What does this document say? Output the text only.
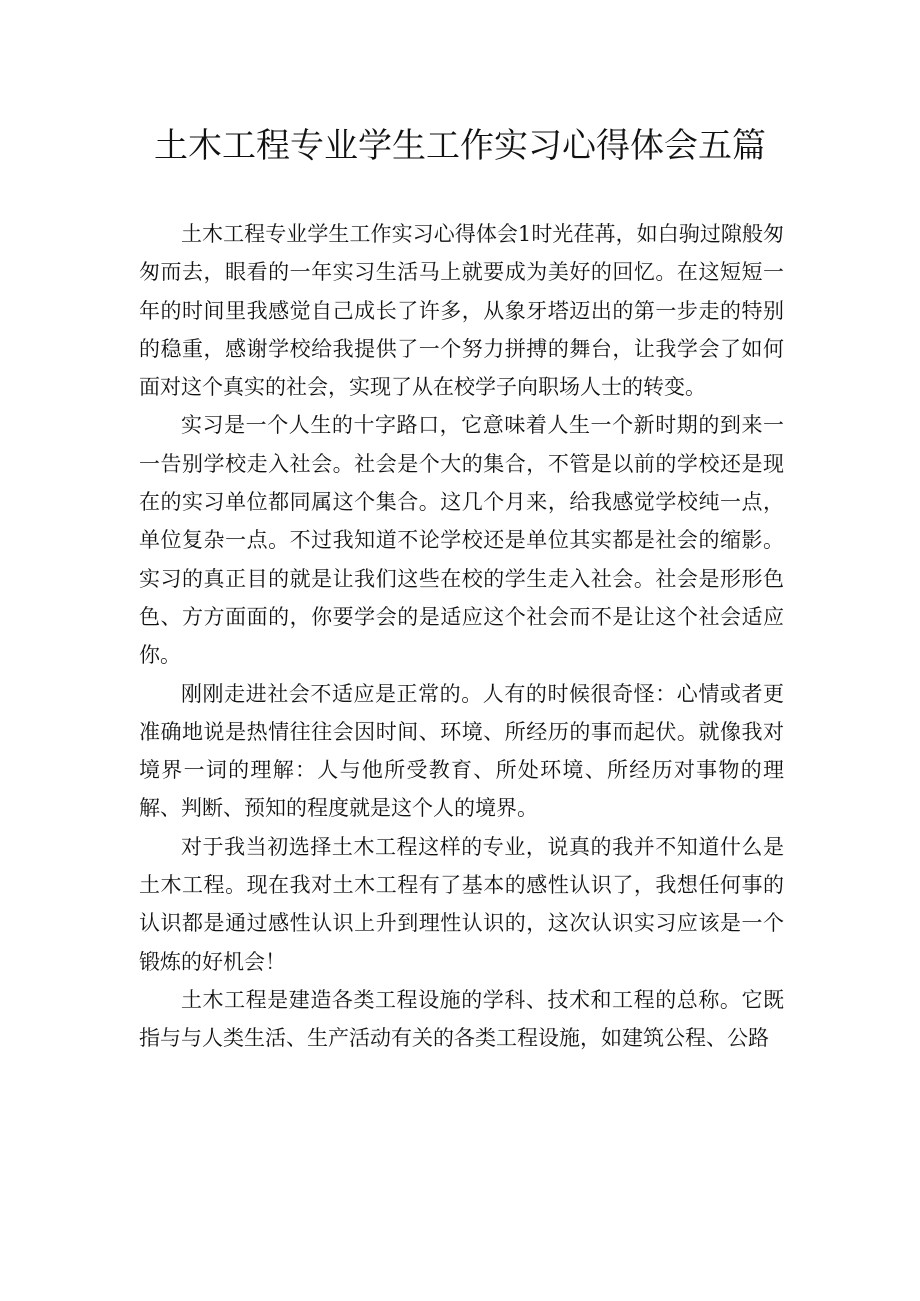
土木工程专业学生工作实习心得体会五篇

土木工程专业学生工作实习心得体会1时光荏苒，如白驹过隙般匆匆而去，眼看的一年实习生活马上就要成为美好的回忆。在这短短一年的时间里我感觉自己成长了许多，从象牙塔迈出的第一步走的特别的稳重，感谢学校给我提供了一个努力拼搏的舞台，让我学会了如何面对这个真实的社会，实现了从在校学子向职场人士的转变。

实习是一个人生的十字路口，它意味着人生一个新时期的到来一一告别学校走入社会。社会是个大的集合，不管是以前的学校还是现在的实习单位都同属这个集合。这几个月来，给我感觉学校纯一点，单位复杂一点。不过我知道不论学校还是单位其实都是社会的缩影。实习的真正目的就是让我们这些在校的学生走入社会。社会是形形色色、方方面面的，你要学会的是适应这个社会而不是让这个社会适应你。

刚刚走进社会不适应是正常的。人有的时候很奇怪：心情或者更准确地说是热情往往会因时间、环境、所经历的事而起伏。就像我对境界一词的理解：人与他所受教育、所处环境、所经历对事物的理解、判断、预知的程度就是这个人的境界。

对于我当初选择土木工程这样的专业，说真的我并不知道什么是土木工程。现在我对土木工程有了基本的感性认识了，我想任何事的认识都是通过感性认识上升到理性认识的，这次认识实习应该是一个锻炼的好机会！

土木工程是建造各类工程设施的学科、技术和工程的总称。它既指与与人类生活、生产活动有关的各类工程设施，如建筑公程、公路
